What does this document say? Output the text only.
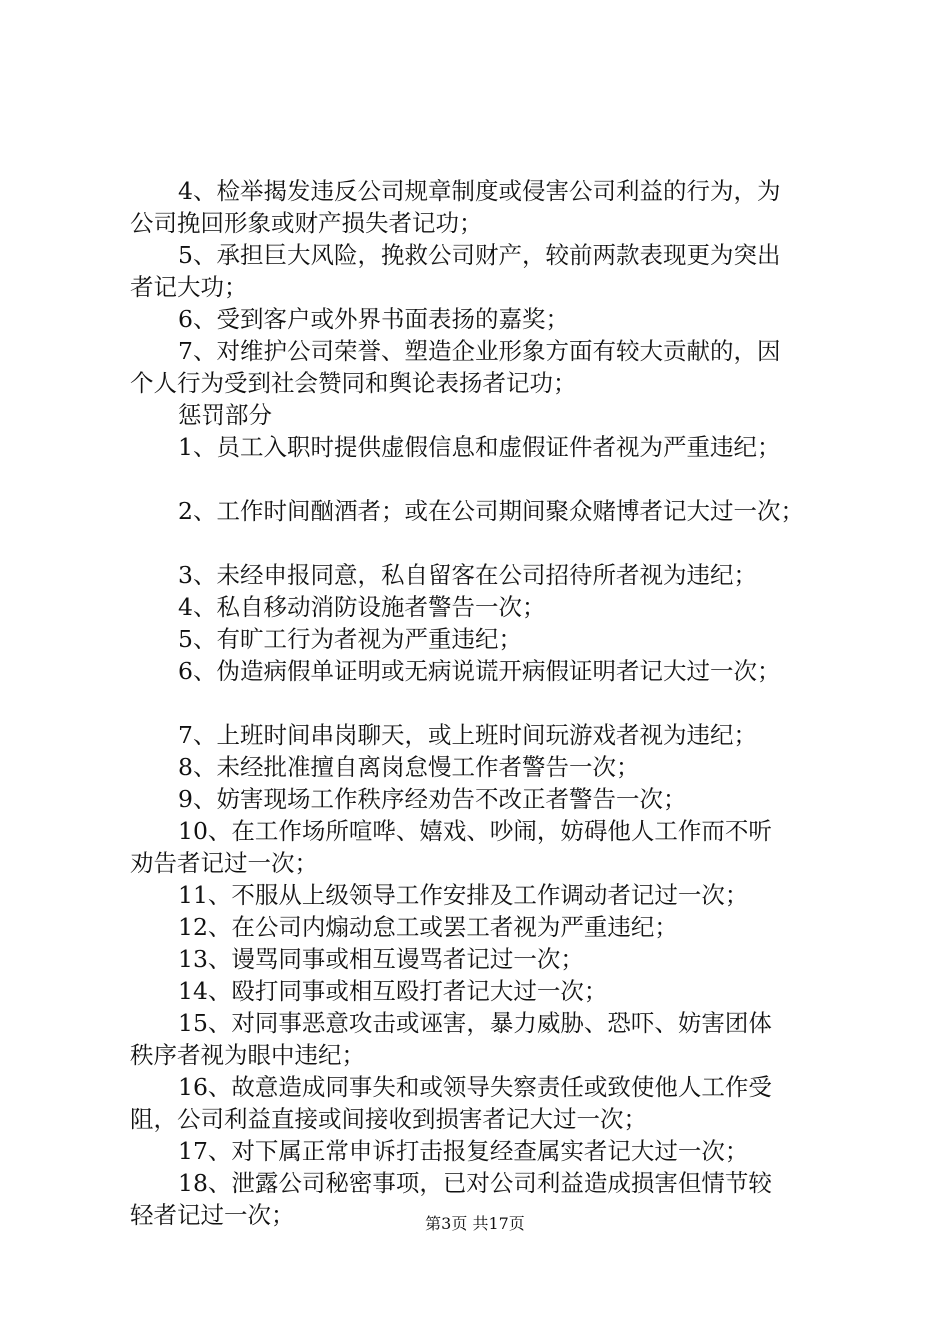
4、检举揭发违反公司规章制度或侵害公司利益的行为，为
公司挽回形象或财产损失者记功；
5、承担巨大风险，挽救公司财产，较前两款表现更为突出
者记大功；
6、受到客户或外界书面表扬的嘉奖；
7、对维护公司荣誉、塑造企业形象方面有较大贡献的，因
个人行为受到社会赞同和舆论表扬者记功；
惩罚部分
1、员工入职时提供虚假信息和虚假证件者视为严重违纪；
2、工作时间酗酒者；或在公司期间聚众赌博者记大过一次；
3、未经申报同意，私自留客在公司招待所者视为违纪；
4、私自移动消防设施者警告一次；
5、有旷工行为者视为严重违纪；
6、伪造病假单证明或无病说谎开病假证明者记大过一次；
7、上班时间串岗聊天，或上班时间玩游戏者视为违纪；
8、未经批准擅自离岗怠慢工作者警告一次；
9、妨害现场工作秩序经劝告不改正者警告一次；
10、在工作场所喧哗、嬉戏、吵闹，妨碍他人工作而不听
劝告者记过一次；
11、不服从上级领导工作安排及工作调动者记过一次；
12、在公司内煽动怠工或罢工者视为严重违纪；
13、谩骂同事或相互谩骂者记过一次；
14、殴打同事或相互殴打者记大过一次；
15、对同事恶意攻击或诬害，暴力威胁、恐吓、妨害团体
秩序者视为眼中违纪；
16、故意造成同事失和或领导失察责任或致使他人工作受
阻，公司利益直接或间接收到损害者记大过一次；
17、对下属正常申诉打击报复经查属实者记大过一次；
18、泄露公司秘密事项，已对公司利益造成损害但情节较
轻者记过一次；	第3页 共17页
